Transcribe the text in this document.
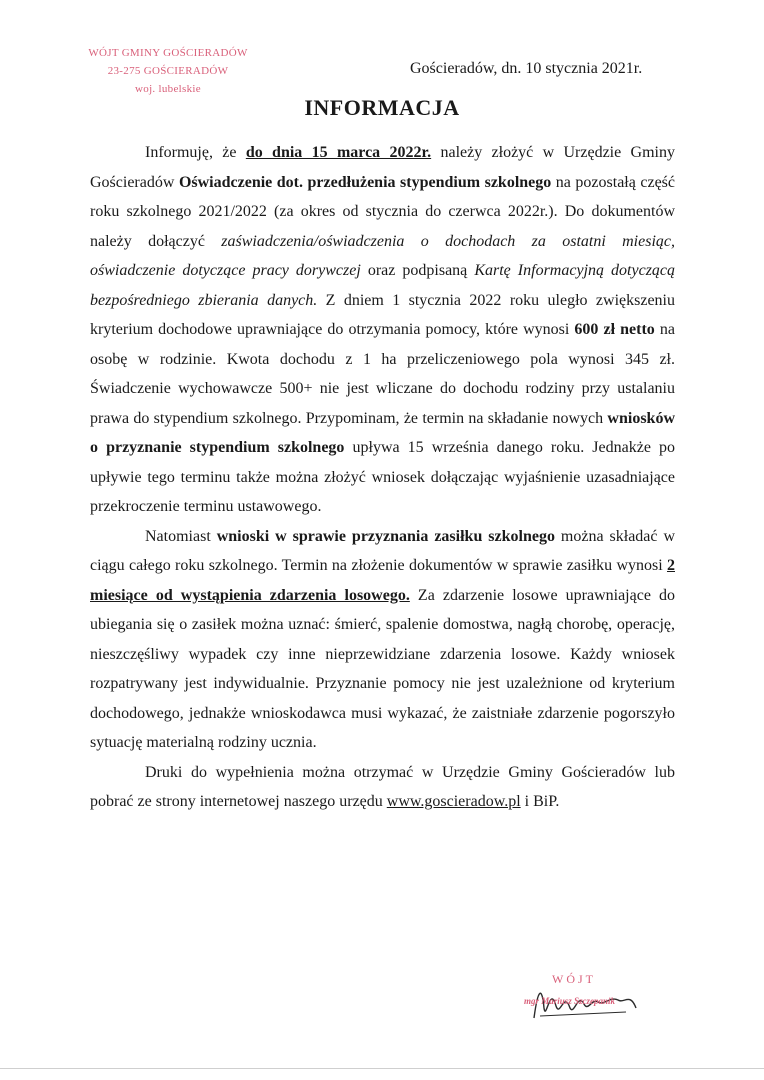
WÓJT GMINY GOŚCIERADÓW
23-275 GOŚCIERADÓW
woj. lubelskie
Gościeradów, dn. 10 stycznia 2021r.
INFORMACJA

Informuję, że do dnia 15 marca 2022r. należy złożyć w Urzędzie Gminy Gościeradów Oświadczenie dot. przedłużenia stypendium szkolnego na pozostałą część roku szkolnego 2021/2022 (za okres od stycznia do czerwca 2022r.). Do dokumentów należy dołączyć zaświadczenia/oświadczenia o dochodach za ostatni miesiąc, oświadczenie dotyczące pracy dorywczej oraz podpisaną Kartę Informacyjną dotyczącą bezpośredniego zbierania danych. Z dniem 1 stycznia 2022 roku uległo zwiększeniu kryterium dochodowe uprawniające do otrzymania pomocy, które wynosi 600 zł netto na osobę w rodzinie. Kwota dochodu z 1 ha przeliczeniowego pola wynosi 345 zł. Świadczenie wychowawcze 500+ nie jest wliczane do dochodu rodziny przy ustalaniu prawa do stypendium szkolnego. Przypominam, że termin na składanie nowych wniosków o przyznanie stypendium szkolnego upływa 15 września danego roku. Jednakże po upływie tego terminu także można złożyć wniosek dołączając wyjaśnienie uzasadniające przekroczenie terminu ustawowego.

Natomiast wnioski w sprawie przyznania zasiłku szkolnego można składać w ciągu całego roku szkolnego. Termin na złożenie dokumentów w sprawie zasiłku wynosi 2 miesiące od wystąpienia zdarzenia losowego. Za zdarzenie losowe uprawniające do ubiegania się o zasiłek można uznać: śmierć, spalenie domostwa, nagłą chorobę, operację, nieszczęśliwy wypadek czy inne nieprzewidziane zdarzenia losowe. Każdy wniosek rozpatrywany jest indywidualnie. Przyznanie pomocy nie jest uzależnione od kryterium dochodowego, jednakże wnioskodawca musi wykazać, że zaistniałe zdarzenie pogorszyło sytuację materialną rodziny ucznia.

Druki do wypełnienia można otrzymać w Urzędzie Gminy Gościeradów lub pobrać ze strony internetowej naszego urzędu www.goscieradow.pl i BiP.

WÓJT
mgr Mariusz Szczepanik
